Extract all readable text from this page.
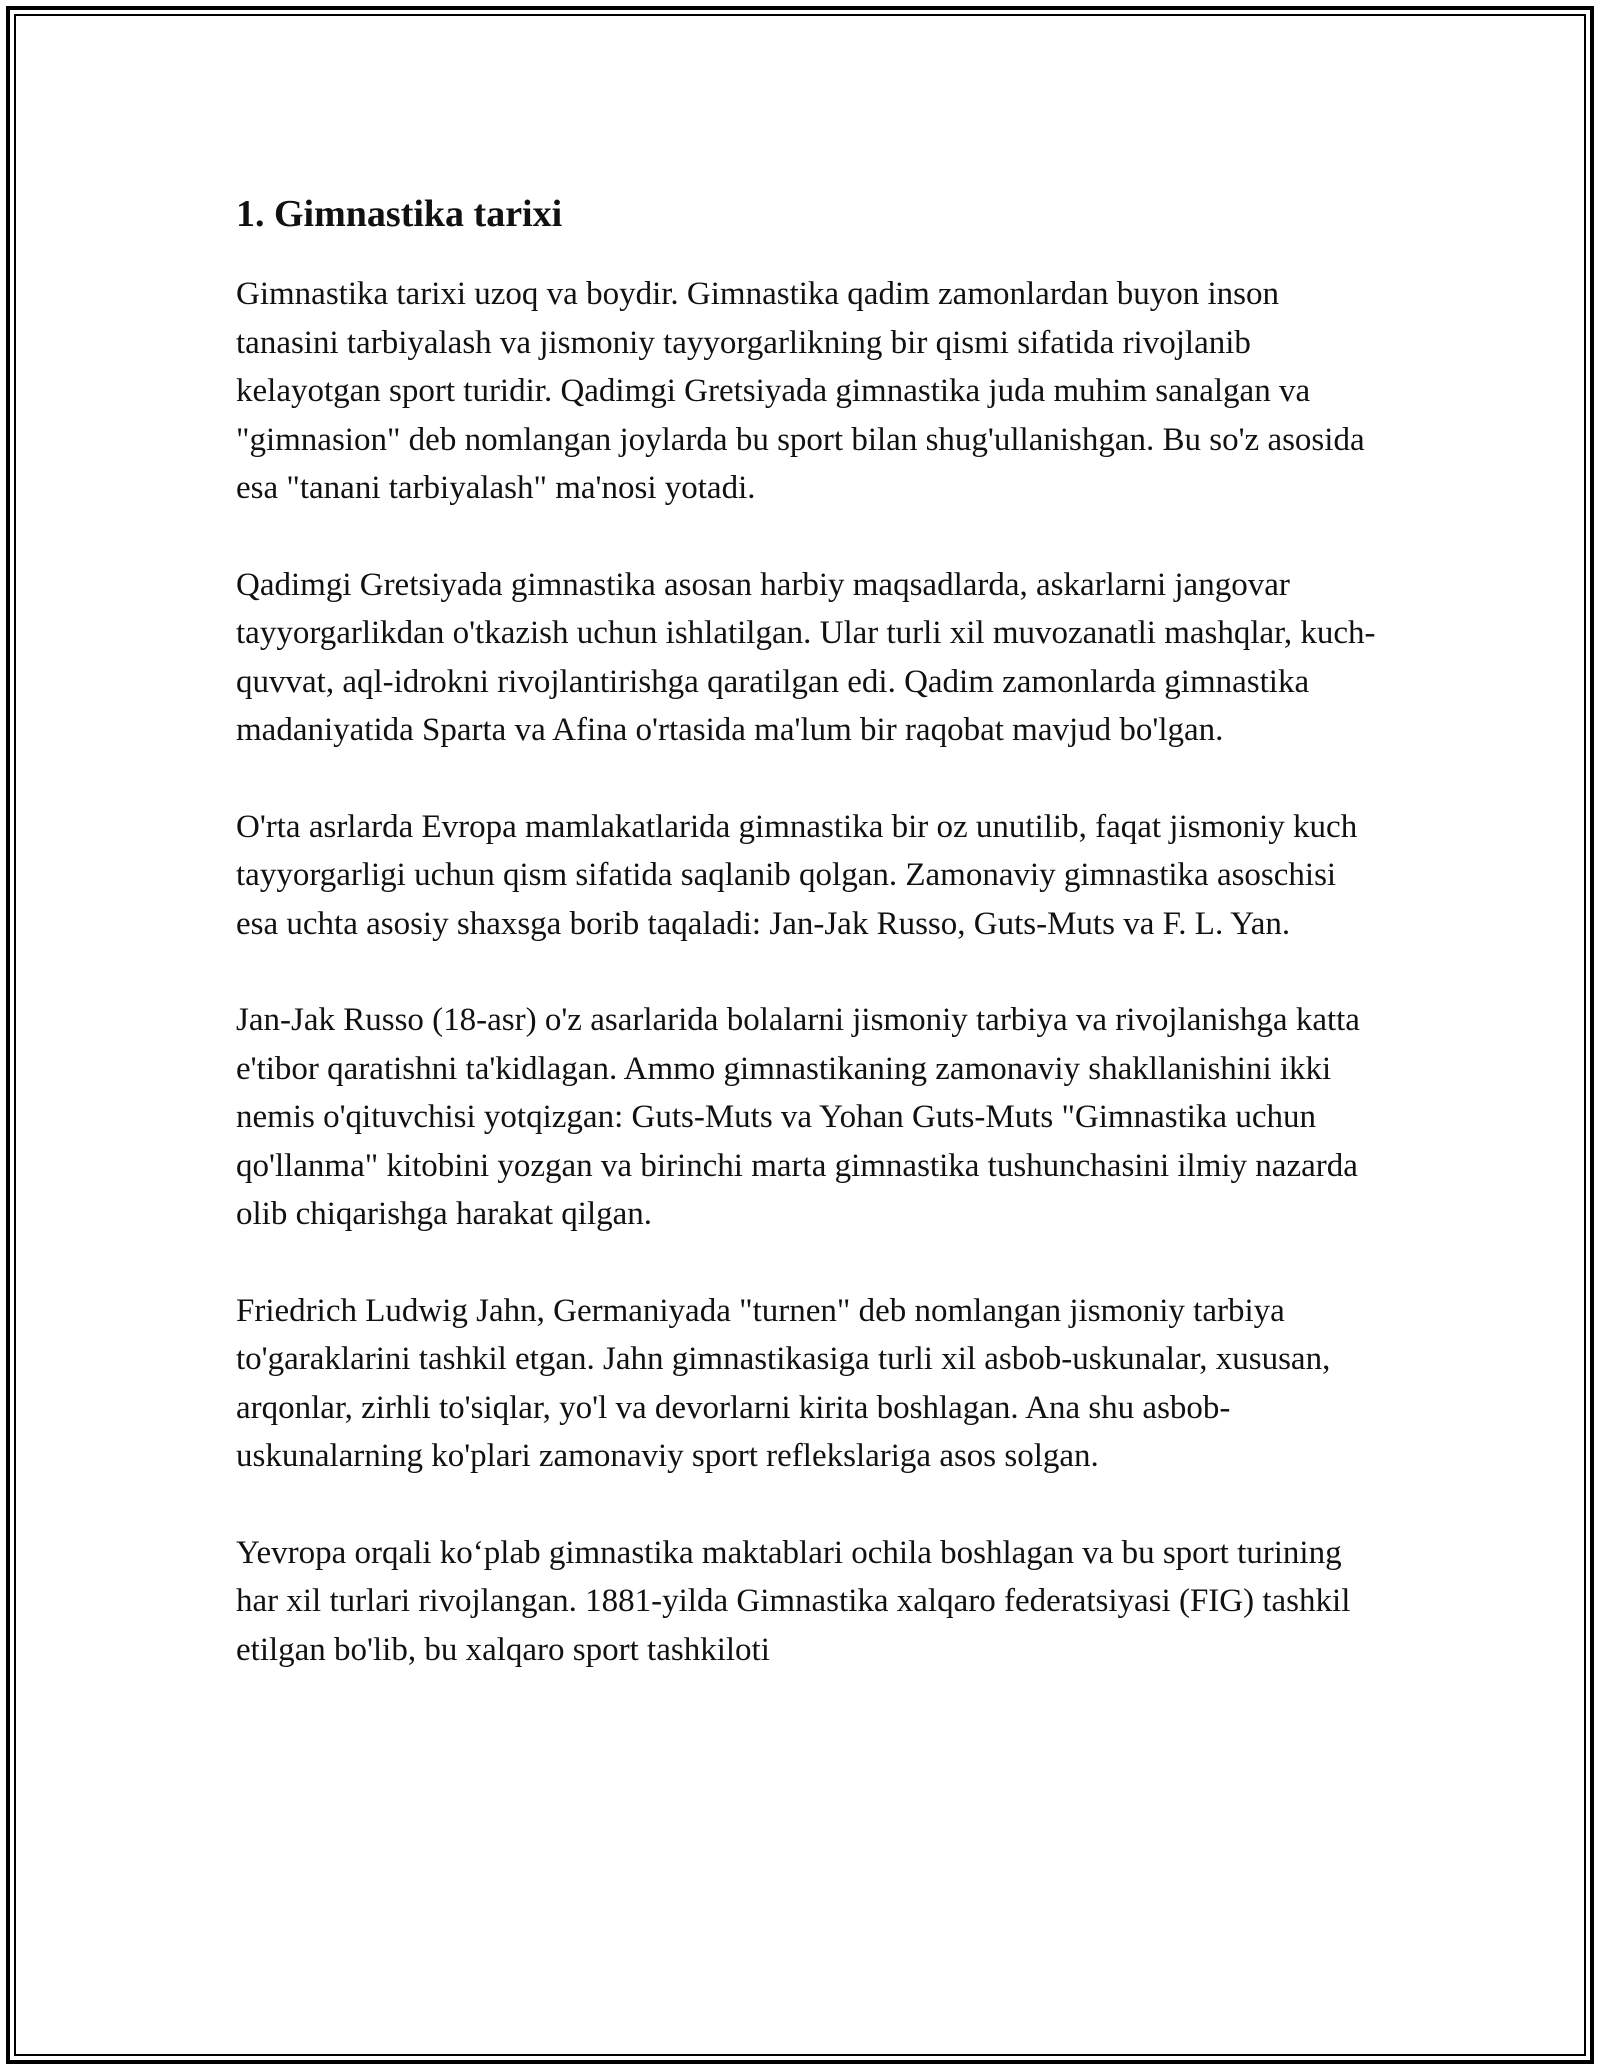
1. Gimnastika tarixi

Gimnastika tarixi uzoq va boydir. Gimnastika qadim zamonlardan buyon inson tanasini tarbiyalash va jismoniy tayyorgarlikning bir qismi sifatida rivojlanib kelayotgan sport turidir. Qadimgi Gretsiyada gimnastika juda muhim sanalgan va "gimnasion" deb nomlangan joylarda bu sport bilan shug'ullanishgan. Bu so'z asosida esa "tanani tarbiyalash" ma'nosi yotadi.

Qadimgi Gretsiyada gimnastika asosan harbiy maqsadlarda, askarlarni jangovar tayyorgarlikdan o'tkazish uchun ishlatilgan. Ular turli xil muvozanatli mashqlar, kuch-quvvat, aql-idrokni rivojlantirishga qaratilgan edi. Qadim zamonlarda gimnastika madaniyatida Sparta va Afina o'rtasida ma'lum bir raqobat mavjud bo'lgan.

O'rta asrlarda Evropa mamlakatlarida gimnastika bir oz unutilib, faqat jismoniy kuch tayyorgarligi uchun qism sifatida saqlanib qolgan. Zamonaviy gimnastika asoschisi esa uchta asosiy shaxsga borib taqaladi: Jan-Jak Russo, Guts-Muts va F. L. Yan.

Jan-Jak Russo (18-asr) o'z asarlarida bolalarni jismoniy tarbiya va rivojlanishga katta e'tibor qaratishni ta'kidlagan. Ammo gimnastikaning zamonaviy shakllanishini ikki nemis o'qituvchisi yotqizgan: Guts-Muts va Yohan Guts-Muts "Gimnastika uchun qo'llanma" kitobini yozgan va birinchi marta gimnastika tushunchasini ilmiy nazarda olib chiqarishga harakat qilgan.

Friedrich Ludwig Jahn, Germaniyada "turnen" deb nomlangan jismoniy tarbiya to'garaklarini tashkil etgan. Jahn gimnastikasiga turli xil asbob-uskunalar, xususan, arqonlar, zirhli to'siqlar, yo'l va devorlarni kirita boshlagan. Ana shu asbob-uskunalarning ko'plari zamonaviy sport reflekslariga asos solgan.

Yevropa orqali ko‘plab gimnastika maktablari ochila boshlagan va bu sport turining har xil turlari rivojlangan. 1881-yilda Gimnastika xalqaro federatsiyasi (FIG) tashkil etilgan bo'lib, bu xalqaro sport tashkiloti
